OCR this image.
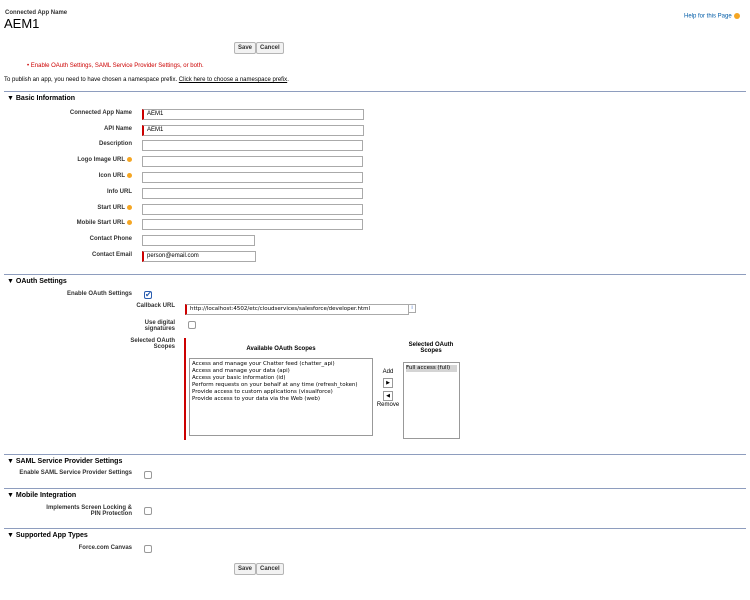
Connected App Name
AEM1	Help for this Page
Save	Cancel
• Enable OAuth Settings, SAML Service Provider Settings, or both.
To publish an app, you need to have chosen a namespace prefix. Click here to choose a namespace prefix.
▼ Basic Information
Connected App Name	AEM1
API Name	AEM1
Description
Logo Image URL
Icon URL
Info URL
Start URL
Mobile Start URL
Contact Phone
Contact Email	person@email.com
▼ OAuth Settings
Enable OAuth Settings ✔
Callback URL	http://localhost:4502/etc/cloudservices/salesforce/developer.html	i
Use digital signatures
Selected OAuth Scopes	Available OAuth Scopes
Access and manage your Chatter feed (chatter_api)
Access and manage your data (api)
Access your basic information (id)
Perform requests on your behalf at any time (refresh_token)
Provide access to custom applications (visualforce)
Provide access to your data via the Web (web)
Add
▶
◀
Remove
Selected OAuth Scopes
Full access (full)
▼ SAML Service Provider Settings
Enable SAML Service Provider Settings
▼ Mobile Integration
Implements Screen Locking & PIN Protection
▼ Supported App Types
Force.com Canvas
Save	Cancel
